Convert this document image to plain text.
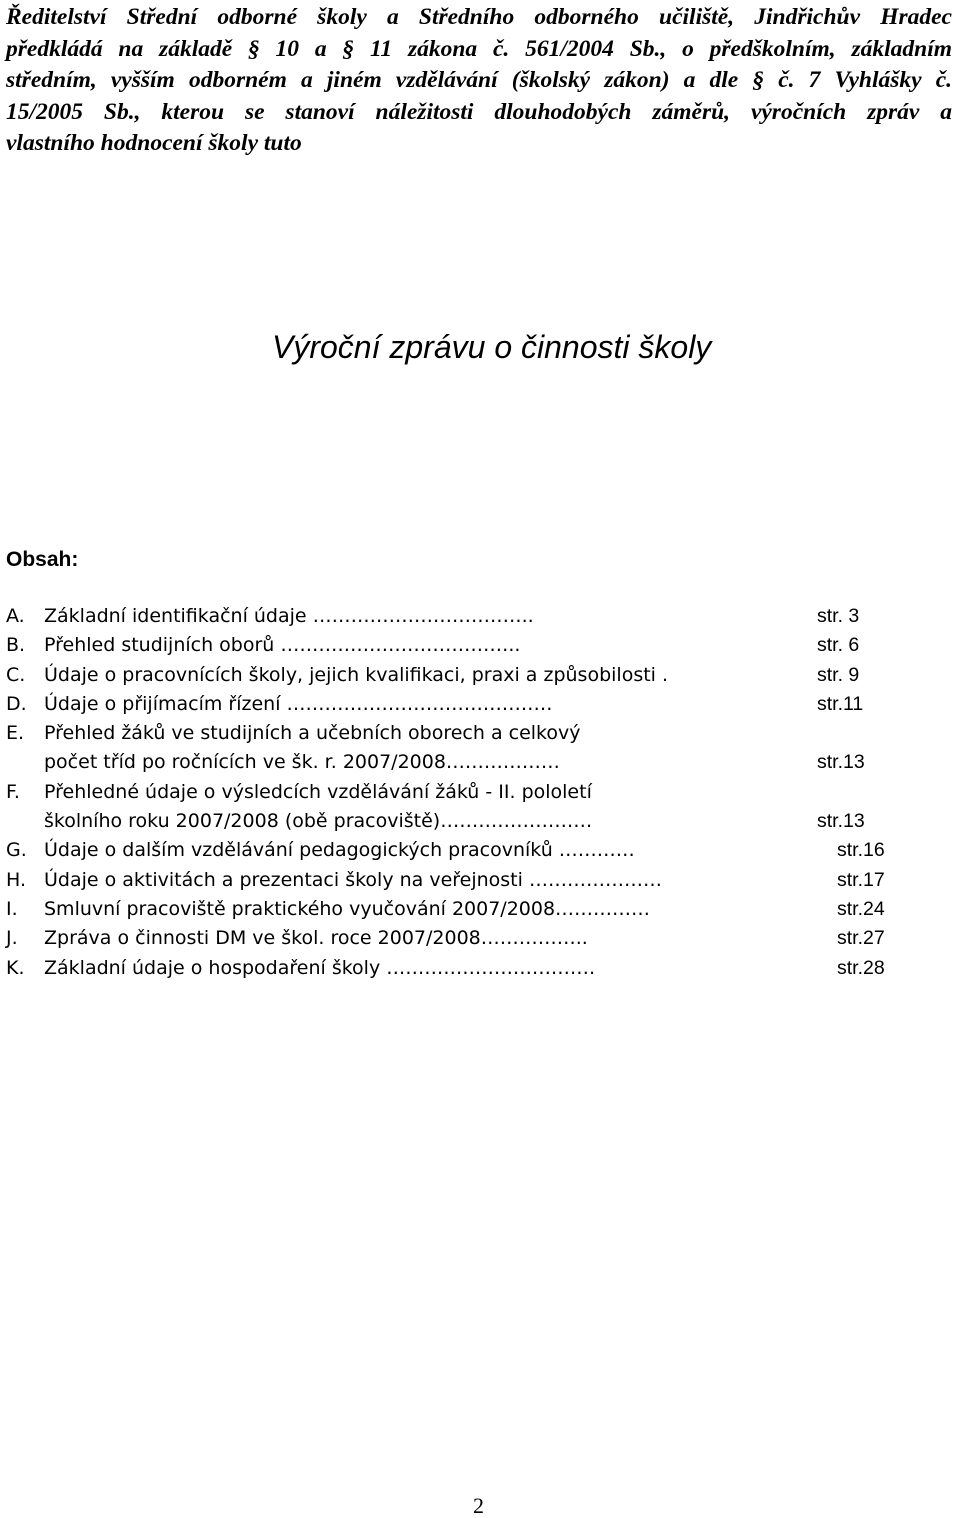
Ředitelství Střední odborné školy a Středního odborného učiliště, Jindřichův Hradec
předkládá na základě § 10 a § 11 zákona č. 561/2004 Sb., o předškolním, základním
středním, vyšším odborném a jiném vzdělávání (školský zákon) a dle § č. 7 Vyhlášky č.
15/2005 Sb., kterou se stanoví náležitosti dlouhodobých záměrů, výročních zpráv a
vlastního hodnocení školy tuto
Výroční zprávu o činnosti školy
Obsah:
A. Základní identifikační údaje ……………………………..	str. 3
B. Přehled studijních oborů ………………………………..	str. 6
C. Údaje o pracovnících školy, jejich kvalifikaci, praxi a způsobilosti .	str. 9
D. Údaje o přijímacím řízení ……………………………………	str.11
E. Přehled žáků ve studijních a učebních oborech a celkový
počet tříd po ročnících ve šk. r. 2007/2008………………	str.13
F. Přehledné údaje o výsledcích vzdělávání žáků - II. pololetí
školního roku 2007/2008 (obě pracoviště)……………………	str.13
G. Údaje o dalším vzdělávání pedagogických pracovníků …………	str.16
H. Údaje o aktivitách a prezentaci školy na veřejnosti …………………	str.17
I. Smluvní pracoviště praktického vyučování 2007/2008……………	str.24
J. Zpráva o činnosti DM ve škol. roce 2007/2008……………..	str.27
K. Základní údaje o hospodaření školy ……………………………	str.28
2
